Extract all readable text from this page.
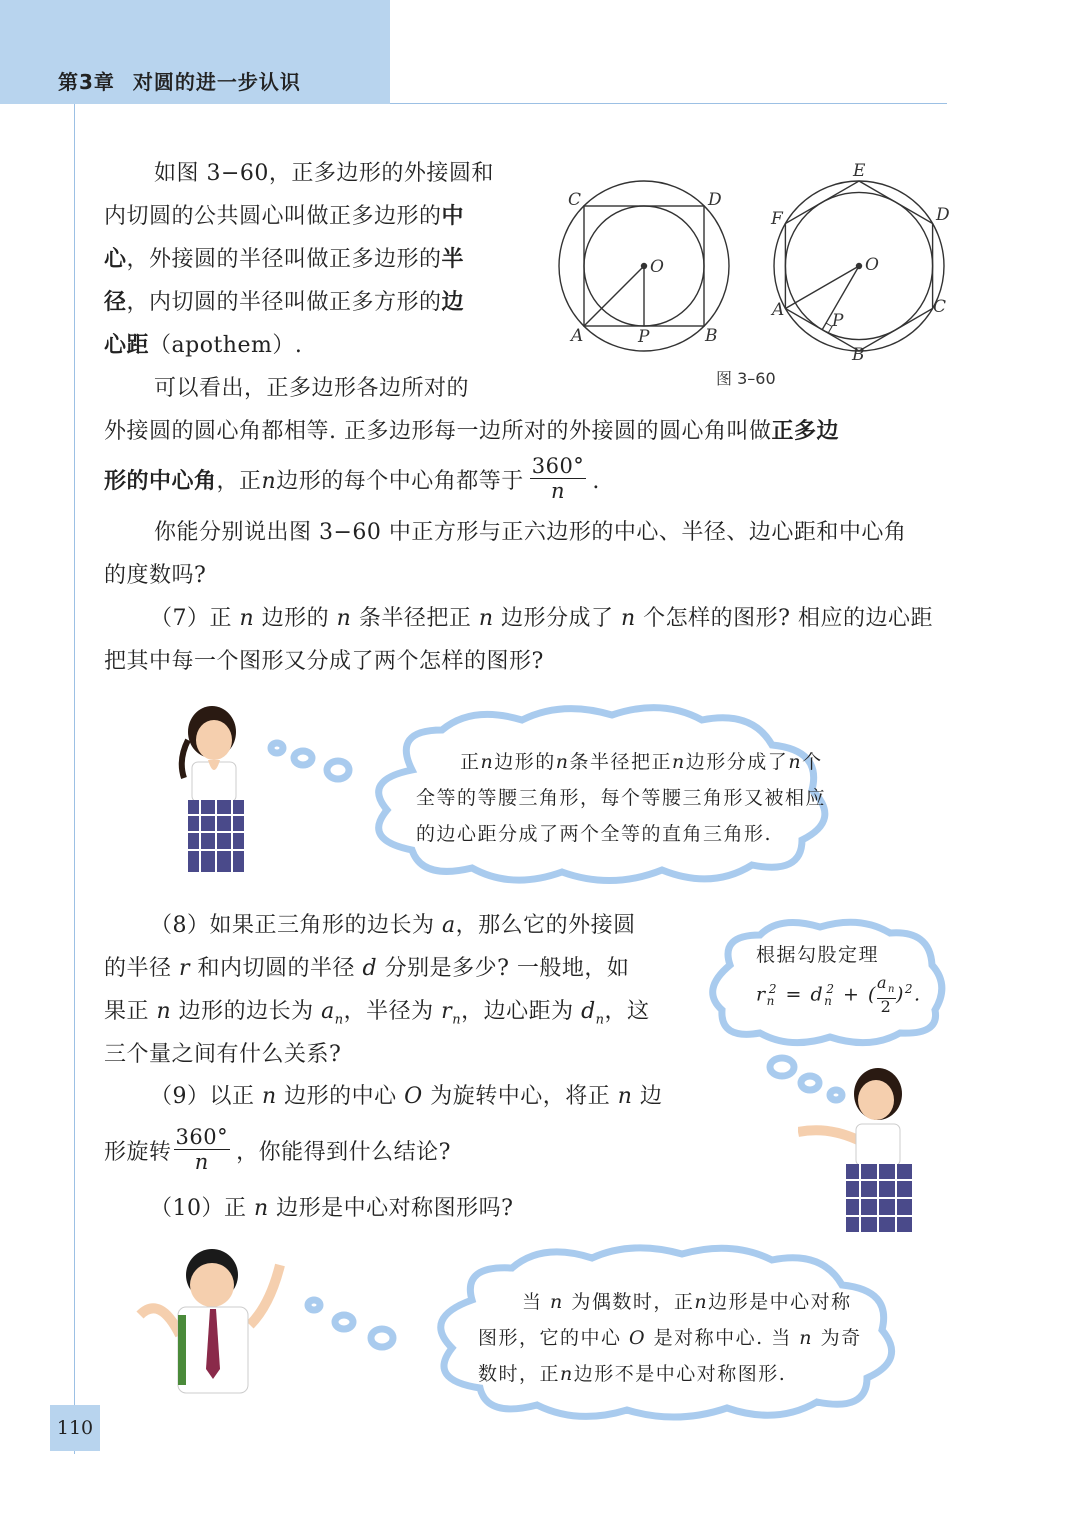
第3章 对圆的进一步认识
如图 3−60，正多边形的外接圆和
内切圆的公共圆心叫做正多边形的中
心，外接圆的半径叫做正多边形的半
径，内切圆的半径叫做正多方形的边
心距（apothem）.
可以看出，正多边形各边所对的
外接圆的圆心角都相等. 正多边形每一边所对的外接圆的圆心角叫做正多边
形的中心角，正n边形的每个中心角都等于 $\frac{360^\circ}{n}$ .
C	D
O
A	P	B
E
F	D
O
A	C
P
B
图 3–60
你能分别说出图 3−60 中正方形与正六边形的中心、半径、边心距和中心角
的度数吗?
（7）正 n 边形的 n 条半径把正 n 边形分成了 n 个怎样的图形? 相应的边心距
把其中每一个图形又分成了两个怎样的图形?
正n边形的n条半径把正n边形分成了n个
全等的等腰三角形，每个等腰三角形又被相应
的边心距分成了两个全等的直角三角形.
（8）如果正三角形的边长为 a，那么它的外接圆
的半径 r 和内切圆的半径 d 分别是多少? 一般地，如
果正 n 边形的边长为 $a_n$，半径为 $r_n$，边心距为 $d_n$，这
三个量之间有什么关系?
根据勾股定理
$r_n^2 = d_n^2$ + ( $\frac{a_n}{2} )^2$.
（9）以正 n 边形的中心 O 为旋转中心，将正 n 边
形旋转 $\frac{360^\circ}{n}$ ，你能得到什么结论?
（10）正 n 边形是中心对称图形吗?
当 n 为偶数时，正n边形是中心对称
图形，它的中心 O 是对称中心. 当 n 为奇
数时，正n边形不是中心对称图形.
110
